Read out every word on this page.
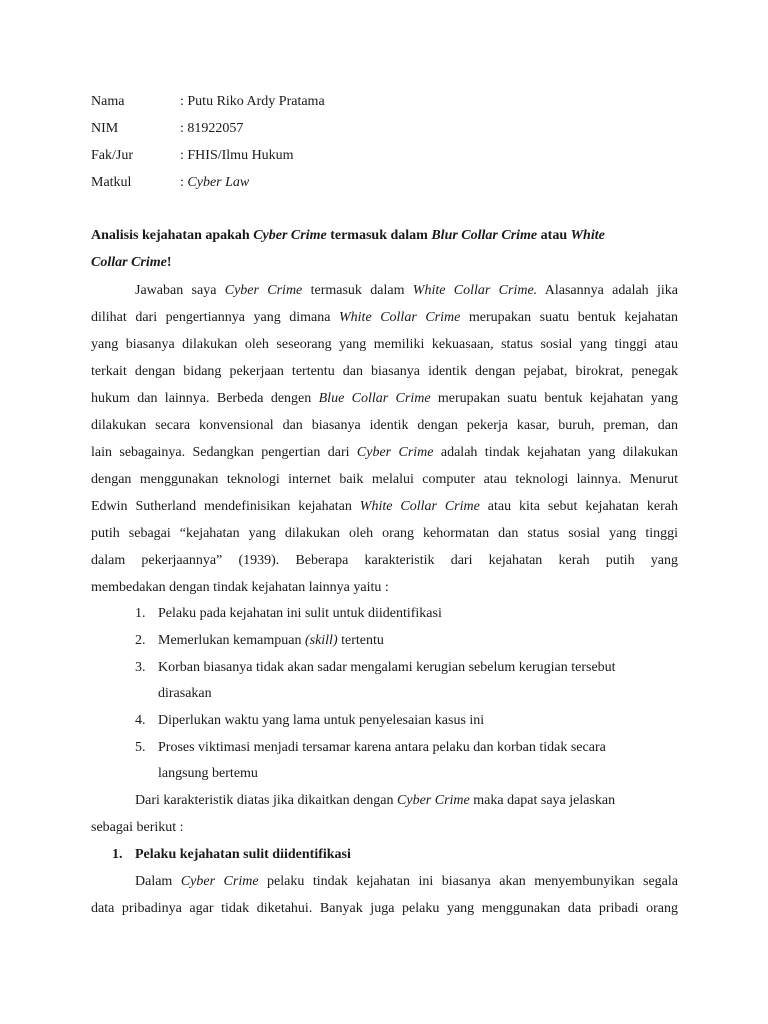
Nama	: Putu Riko Ardy Pratama
NIM	: 81922057
Fak/Jur	: FHIS/Ilmu Hukum
Matkul	: Cyber Law
Analisis kejahatan apakah Cyber Crime termasuk dalam Blur Collar Crime atau White
Collar Crime!
Jawaban saya Cyber Crime termasuk dalam White Collar Crime. Alasannya adalah jika
dilihat dari pengertiannya yang dimana White Collar Crime merupakan suatu bentuk kejahatan
yang biasanya dilakukan oleh seseorang yang memiliki kekuasaan, status sosial yang tinggi atau
terkait dengan bidang pekerjaan tertentu dan biasanya identik dengan pejabat, birokrat, penegak
hukum dan lainnya. Berbeda dengen Blue Collar Crime merupakan suatu bentuk kejahatan yang
dilakukan secara konvensional dan biasanya identik dengan pekerja kasar, buruh, preman, dan
lain sebagainya. Sedangkan pengertian dari Cyber Crime adalah tindak kejahatan yang dilakukan
dengan menggunakan teknologi internet baik melalui computer atau teknologi lainnya. Menurut
Edwin Sutherland mendefinisikan kejahatan White Collar Crime atau kita sebut kejahatan kerah
putih sebagai “kejahatan yang dilakukan oleh orang kehormatan dan status sosial yang tinggi
dalam pekerjaannya” (1939). Beberapa karakteristik dari kejahatan kerah putih yang
membedakan dengan tindak kejahatan lainnya yaitu :
1. Pelaku pada kejahatan ini sulit untuk diidentifikasi
2. Memerlukan kemampuan (skill) tertentu
3. Korban biasanya tidak akan sadar mengalami kerugian sebelum kerugian tersebut
dirasakan
4. Diperlukan waktu yang lama untuk penyelesaian kasus ini
5. Proses viktimasi menjadi tersamar karena antara pelaku dan korban tidak secara
langsung bertemu
Dari karakteristik diatas jika dikaitkan dengan Cyber Crime maka dapat saya jelaskan
sebagai berikut :
1. Pelaku kejahatan sulit diidentifikasi
Dalam Cyber Crime pelaku tindak kejahatan ini biasanya akan menyembunyikan segala
data pribadinya agar tidak diketahui. Banyak juga pelaku yang menggunakan data pribadi orang
